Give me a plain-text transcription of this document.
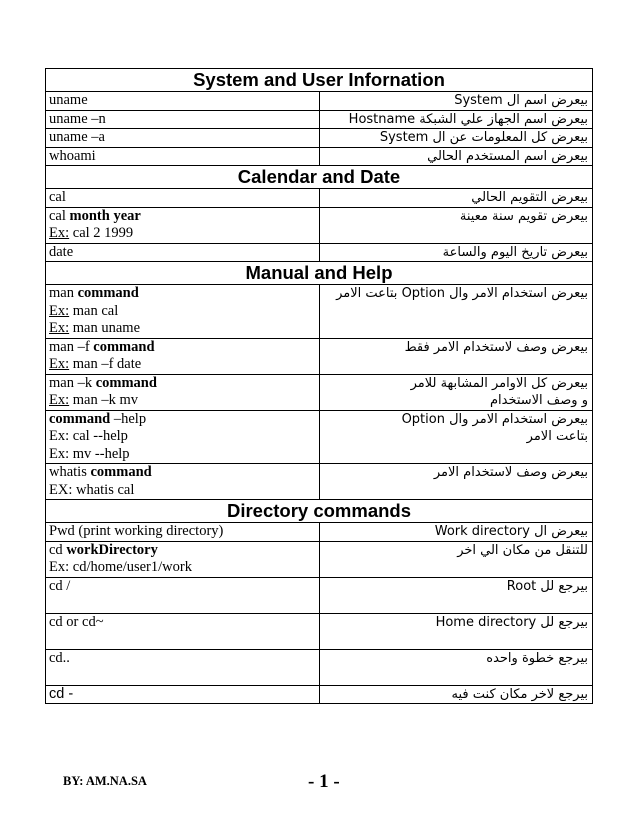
System and User Infornation	
uname	بيعرض اسم ال System
uname –n	بيعرض اسم الجهاز علي الشبكة Hostname
uname –a	بيعرض كل المعلومات عن ال System
whoami	بيعرض اسم المستخدم الحالي
Calendar and Date	
cal	بيعرض التقويم الحالي

cal month year
Ex: cal 2 1999	بيعرض تقويم سنة معينة
date	بيعرض تاريخ اليوم والساعة
Manual and Help	

man command
Ex: man cal
Ex: man uname	بيعرض استخدام الامر وال Option بتاعت الامر

man –f command
Ex: man –f date	بيعرض وصف لاستخدام الامر فقط

man –k command
Ex: man –k mv	بيعرض كل الاوامر المشابهة للامر
و وصف الاستخدام

command –help
Ex: cal --help
Ex: mv --help	بيعرض استخدام الامر وال Option
بتاعت الامر

whatis command
EX: whatis cal	بيعرض وصف لاستخدام الامر
Directory commands	
Pwd (print working directory)	بيعرض ال Work directory

cd workDirectory
Ex: cd/home/user1/work	للتنقل من مكان الي اخر
cd /	بيرجع لل Root
cd or cd~	بيرجع لل Home directory
cd..	بيرجع خطوة واحده
cd -	بيرجع لاخر مكان كنت فيه
BY: AM.NA.SA	- 1 -
